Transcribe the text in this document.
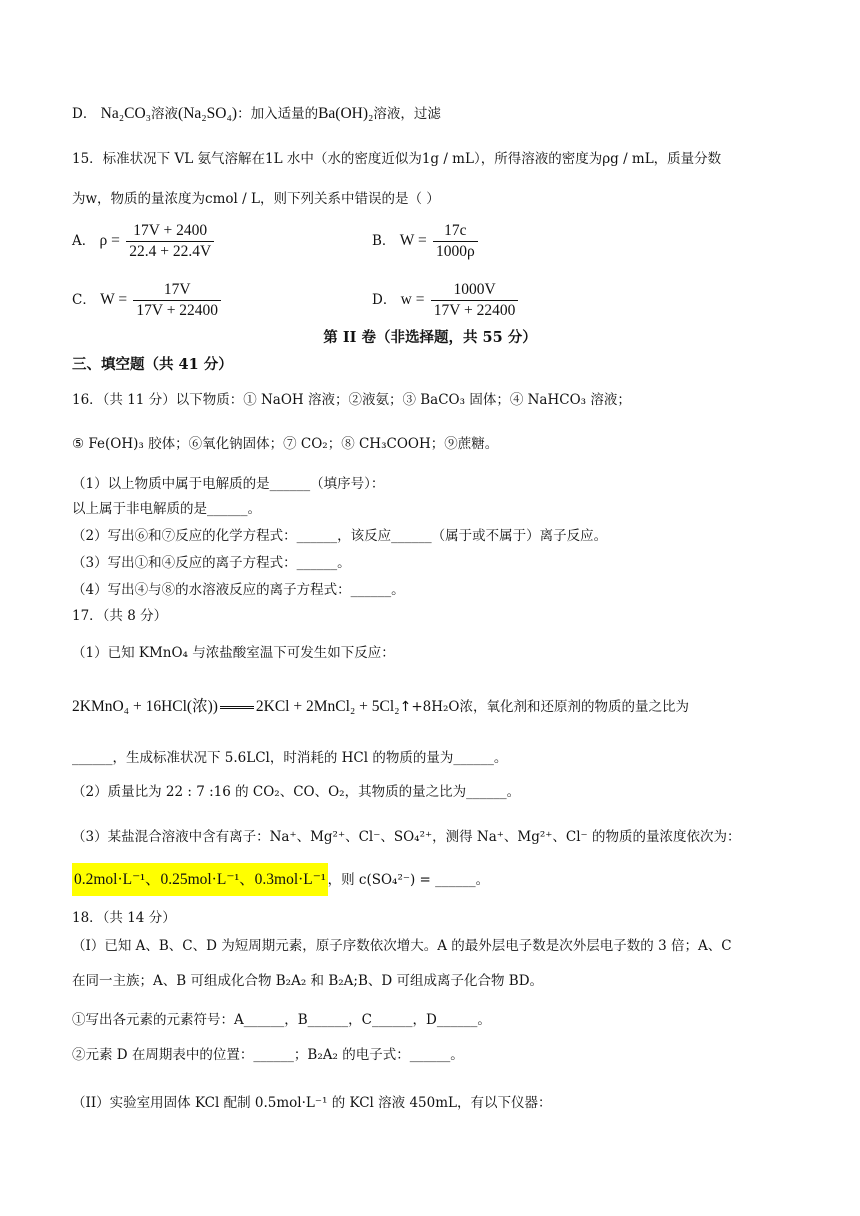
D． Na₂CO₃溶液(Na₂SO₄)：加入适量的Ba(OH)₂溶液，过滤
15．标准状况下 VL 氨气溶解在1L 水中（水的密度近似为1g / mL），所得溶液的密度为ρg / mL，质量分数
为w，物质的量浓度为cmol / L，则下列关系中错误的是（ ）
A． $\rho = \frac{17V + 2400}{22.4 + 22.4V}$	B． $W = \frac{17c}{1000\rho}$
C． $W = \frac{17V}{17V + 22400}$	D． $w = \frac{1000V}{17V + 22400}$
第 II 卷（非选择题，共 55 分）
三、填空题（共 41 分）
16．（共 11 分）以下物质：① NaOH 溶液；②液氨；③ BaCO₃ 固体；④ NaHCO₃ 溶液；
⑤ Fe(OH)₃ 胶体；⑥氧化钠固体；⑦ CO₂；⑧ CH₃COOH；⑨蔗糖。
（1）以上物质中属于电解质的是______（填序号）：
以上属于非电解质的是______。
（2）写出⑥和⑦反应的化学方程式：______，该反应______（属于或不属于）离子反应。
（3）写出①和④反应的离子方程式：______。
（4）写出④与⑧的水溶液反应的离子方程式：______。
17．（共 8 分）
（1）已知 KMnO₄ 与浓盐酸室温下可发生如下反应：
2KMnO₄ + 16HCl(浓)) 2KCl + 2MnCl₂ + 5Cl₂↑+8H₂O浓，氧化剂和还原剂的物质的量之比为
______，生成标准状况下 5.6LCl，时消耗的 HCl 的物质的量为______。
（2）质量比为 22 : 7 :16 的 CO₂、CO、O₂，其物质的量之比为______。
（3）某盐混合溶液中含有离子：Na⁺、Mg²⁺、Cl⁻、SO₄²⁺，测得 Na⁺、Mg²⁺、Cl⁻ 的物质的量浓度依次为：
0.2mol·L⁻¹、0.25mol·L⁻¹、0.3mol·L⁻¹ ，则 c(SO₄²⁻) = ______。
18．（共 14 分）
（I）已知 A、B、C、D 为短周期元素，原子序数依次增大。A 的最外层电子数是次外层电子数的 3 倍；A、C
在同一主族；A、B 可组成化合物 B₂A₂ 和 B₂A;B、D 可组成离子化合物 BD。
①写出各元素的元素符号：A______，B______，C______，D______。
②元素 D 在周期表中的位置：______；B₂A₂ 的电子式：______。
（II）实验室用固体 KCl 配制 0.5mol·L⁻¹ 的 KCl 溶液 450mL，有以下仪器：
